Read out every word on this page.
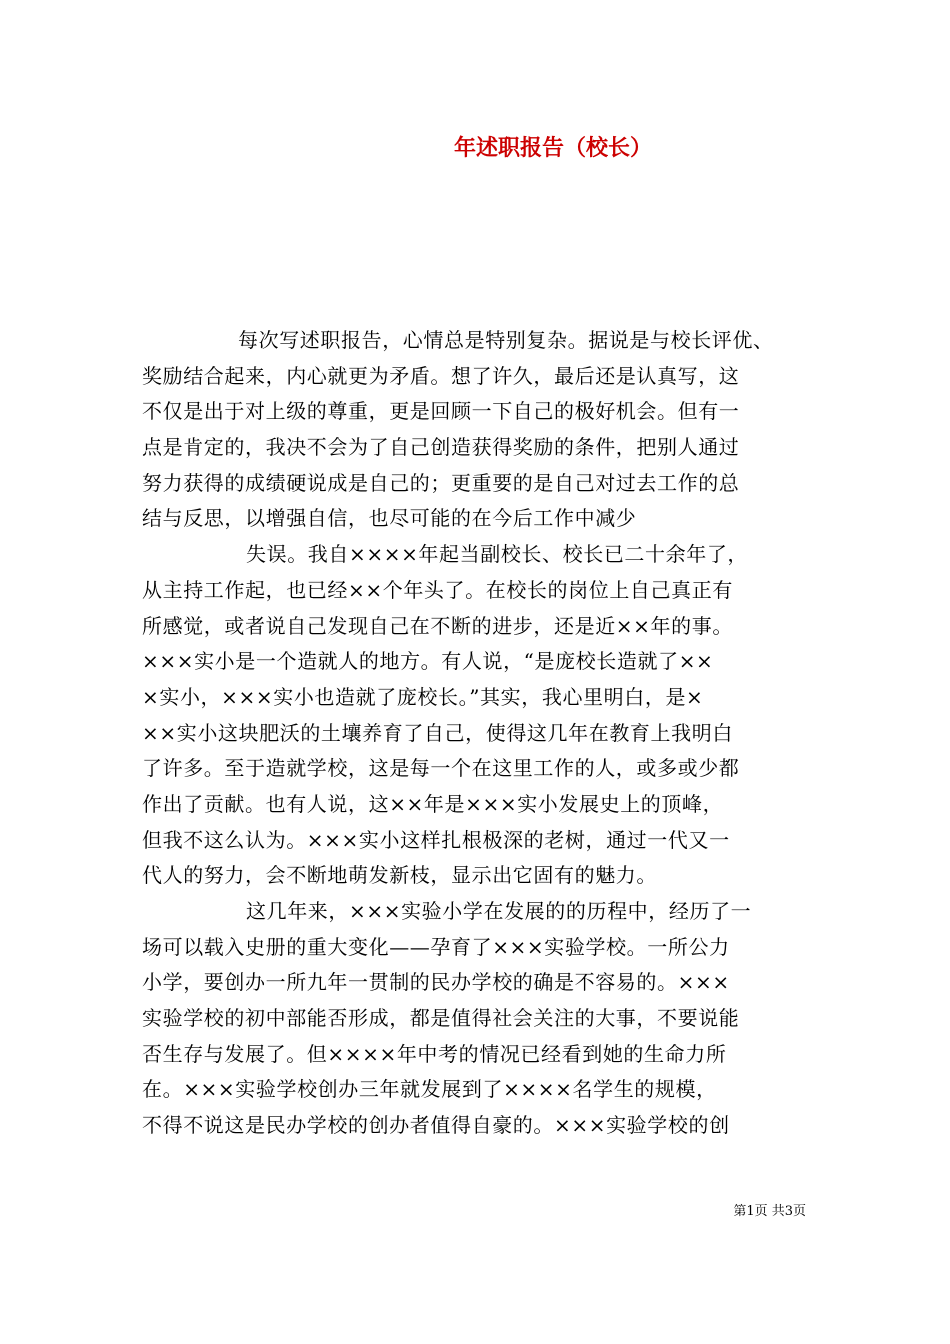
年述职报告（校长）
每次写述职报告，心情总是特别复杂。据说是与校长评优、
奖励结合起来，内心就更为矛盾。想了许久，最后还是认真写，这
不仅是出于对上级的尊重，更是回顾一下自己的极好机会。但有一
点是肯定的，我决不会为了自己创造获得奖励的条件，把别人通过
努力获得的成绩硬说成是自己的；更重要的是自己对过去工作的总
结与反思，以增强自信，也尽可能的在今后工作中减少
失误。我自××××年起当副校长、校长已二十余年了，
从主持工作起，也已经××个年头了。在校长的岗位上自己真正有
所感觉，或者说自己发现自己在不断的进步，还是近××年的事。
×××实小是一个造就人的地方。有人说，“是庞校长造就了××
×实小，×××实小也造就了庞校长。”其实，我心里明白，是×
××实小这块肥沃的土壤养育了自己，使得这几年在教育上我明白
了许多。至于造就学校，这是每一个在这里工作的人，或多或少都
作出了贡献。也有人说，这××年是×××实小发展史上的顶峰，
但我不这么认为。×××实小这样扎根极深的老树，通过一代又一
代人的努力，会不断地萌发新枝，显示出它固有的魅力。
这几年来，×××实验小学在发展的的历程中，经历了一
场可以载入史册的重大变化——孕育了×××实验学校。一所公力
小学，要创办一所九年一贯制的民办学校的确是不容易的。×××
实验学校的初中部能否形成，都是值得社会关注的大事，不要说能
否生存与发展了。但××××年中考的情况已经看到她的生命力所
在。×××实验学校创办三年就发展到了××××名学生的规模，
不得不说这是民办学校的创办者值得自豪的。×××实验学校的创
第1页 共3页
